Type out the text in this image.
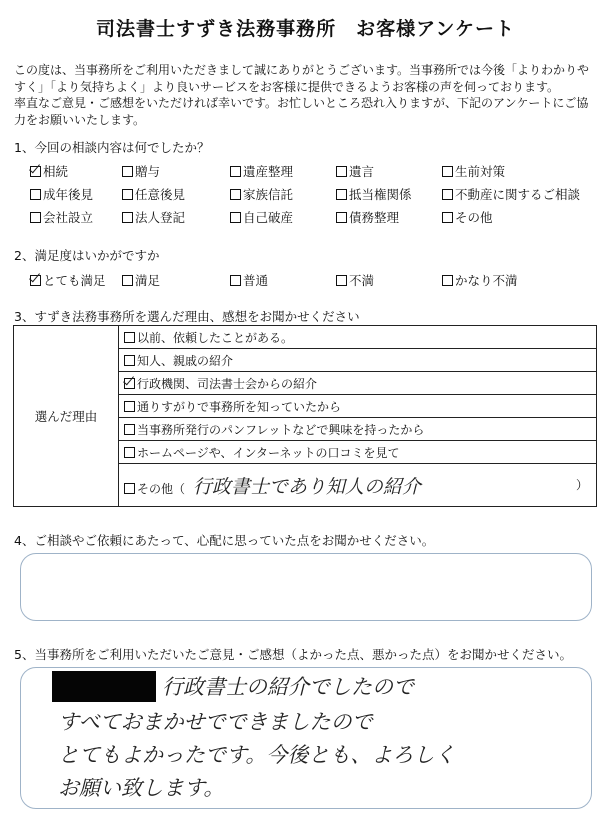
司法書士すずき法務事務所　お客様アンケート
この度は、当事務所をご利用いただきまして誠にありがとうございます。当事務所では今後「よりわかりやすく」「より気持ちよく」より良いサービスをお客様に提供できるようお客様の声を伺っております。
率直なご意見・ご感想をいただければ幸いです。お忙しいところ恐れ入りますが、下記のアンケートにご協力をお願いいたします。
1、今回の相談内容は何でしたか？
相続	贈与	遺産整理	遺言	生前対策
成年後見	任意後見	家族信託	抵当権関係	不動産に関するご相談
会社設立	法人登記	自己破産	債務整理	その他
2、満足度はいかがですか
とても満足	満足	普通	不満	かなり不満
3、すずき法務事務所を選んだ理由、感想をお聞かせください
選んだ理由	以前、依頼したことがある。
知人、親戚の紹介
行政機関、司法書士会からの紹介
通りすがりで事務所を知っていたから
当事務所発行のパンフレットなどで興味を持ったから
ホームページや、インターネットの口コミを見て
その他（ 行政書士であり知人の紹介	）
4、ご相談やご依頼にあたって、心配に思っていた点をお聞かせください。
5、当事務所をご利用いただいたご意見・ご感想（よかった点、悪かった点）をお聞かせください。
行政書士の紹介でしたので
すべておまかせでできましたので
とてもよかったです。今後とも、よろしく
お願い致します。
